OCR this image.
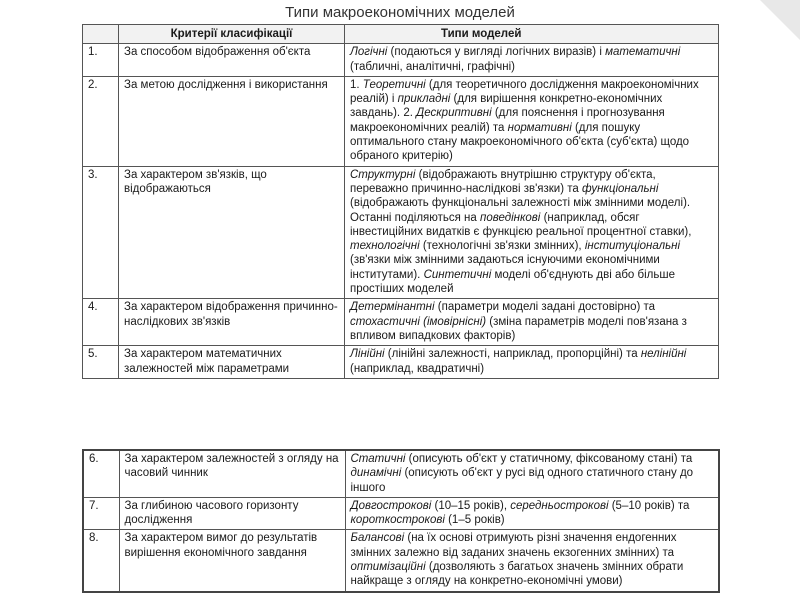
Типи макроекономічних моделей
	Критерії класифікації	Типи моделей
1.	За способом відображення об'єкта	Логічні (подаються у вигляді логічних виразів) і математичні (табличні, аналітичні, графічні)
2.	За метою дослідження і використання	1. Теоретичні (для теоретичного дослідження макроекономічних реалій) і прикладні (для вирішення конкретно-економічних завдань). 2. Дескриптивні (для пояснення і прогнозування макроекономічних реалій) та нормативні (для пошуку оптимального стану макроекономічного об'єкта (суб'єкта) щодо обраного критерію)
3.	За характером зв'язків, що відображаються	Структурні (відображають внутрішню структуру об'єкта, переважно причинно-наслідкові зв'язки) та функціональні (відображають функціональні залежності між змінними моделі). Останні поділяються на поведінкові (наприклад, обсяг інвестиційних видатків є функцією реальної процентної ставки), технологічні (технологічні зв'язки змінних), інституціональні (зв'язки між змінними задаються існуючими економічними інститутами). Синтетичні моделі об'єднують дві або більше простіших моделей
4.	За характером відображення причинно-наслідкових зв'язків	Детермінантні (параметри моделі задані достовірно) та стохастичні (імовірнісні) (зміна параметрів моделі пов'язана з впливом випадкових факторів)
5.	За характером математичних залежностей між параметрами	Лінійні (лінійні залежності, наприклад, пропорційні) та нелінійні (наприклад, квадратичні)
6.	За характером залежностей з огляду на часовий чинник	Статичні (описують об'єкт у статичному, фіксованому стані) та динамічні (описують об'єкт у русі від одного статичного стану до іншого
7.	За глибиною часового горизонту дослідження	Довгострокові (10–15 років), середньострокові (5–10 років) та короткострокові (1–5 років)
8.	За характером вимог до результатів вирішення економічного завдання	Балансові (на їх основі отримують різні значення ендогенних змінних залежно від заданих значень екзогенних змінних) та оптимізаційні (дозволяють з багатьох значень змінних обрати найкраще з огляду на конкретно-економічні умови)
